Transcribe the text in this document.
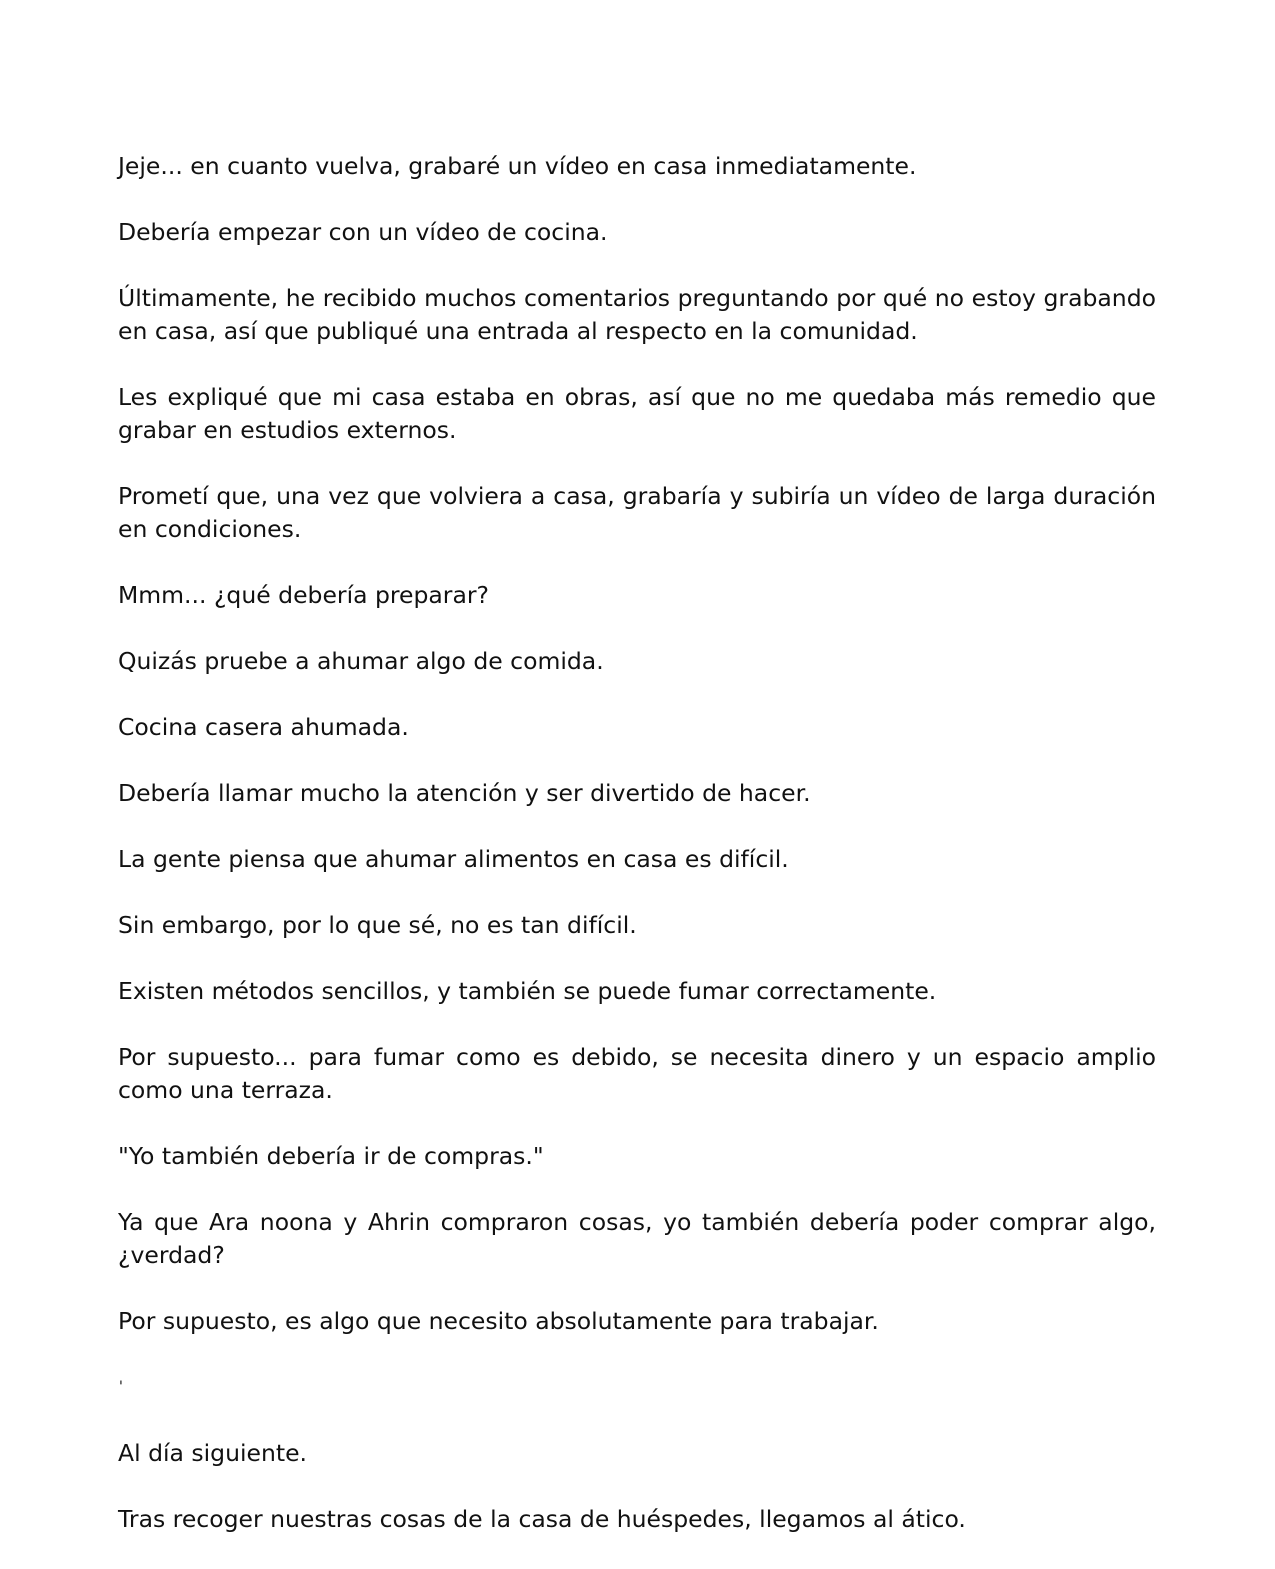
Jeje... en cuanto vuelva, grabaré un vídeo en casa inmediatamente.

Debería empezar con un vídeo de cocina.

Últimamente, he recibido muchos comentarios preguntando por qué no estoy grabando en casa, así que publiqué una entrada al respecto en la comunidad.

Les expliqué que mi casa estaba en obras, así que no me quedaba más remedio que grabar en estudios externos.

Prometí que, una vez que volviera a casa, grabaría y subiría un vídeo de larga duración en condiciones.

Mmm... ¿qué debería preparar?

Quizás pruebe a ahumar algo de comida.

Cocina casera ahumada.

Debería llamar mucho la atención y ser divertido de hacer.

La gente piensa que ahumar alimentos en casa es difícil.

Sin embargo, por lo que sé, no es tan difícil.

Existen métodos sencillos, y también se puede fumar correctamente.

Por supuesto... para fumar como es debido, se necesita dinero y un espacio amplio como una terraza.

"Yo también debería ir de compras."

Ya que Ara noona y Ahrin compraron cosas, yo también debería poder comprar algo, ¿verdad?

Por supuesto, es algo que necesito absolutamente para trabajar.

'

Al día siguiente.

Tras recoger nuestras cosas de la casa de huéspedes, llegamos al ático.
